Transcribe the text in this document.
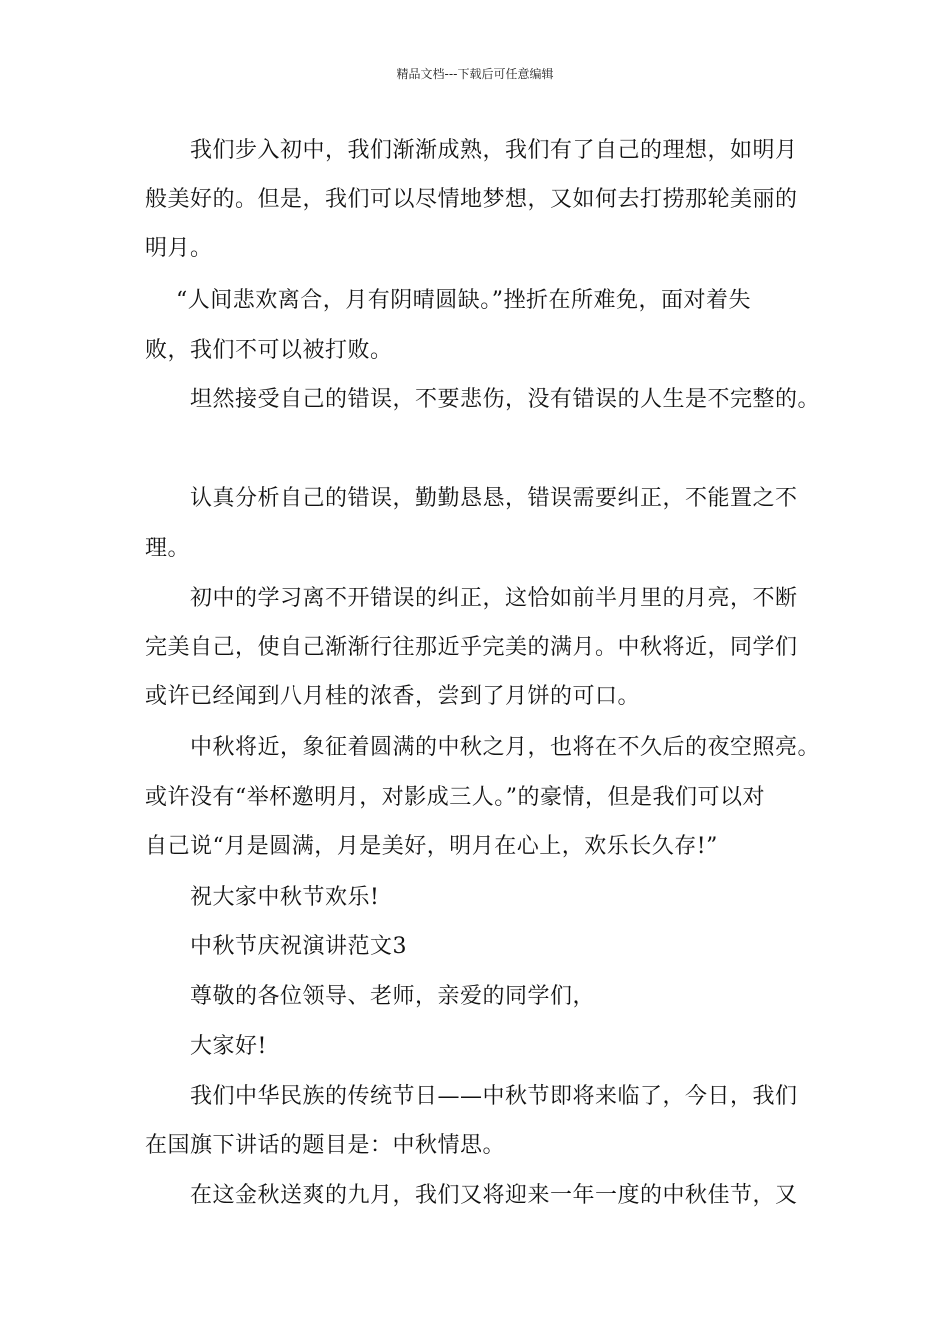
精品文档---下载后可任意编辑
我们步入初中，我们渐渐成熟，我们有了自己的理想，如明月
般美好的。但是，我们可以尽情地梦想，又如何去打捞那轮美丽的
明月。
“人间悲欢离合，月有阴晴圆缺。”挫折在所难免，面对着失
败，我们不可以被打败。
坦然接受自己的错误，不要悲伤，没有错误的人生是不完整的。
认真分析自己的错误，勤勤恳恳，错误需要纠正，不能置之不
理。
初中的学习离不开错误的纠正，这恰如前半月里的月亮，不断
完美自己，使自己渐渐行往那近乎完美的满月。中秋将近，同学们
或许已经闻到八月桂的浓香，尝到了月饼的可口。
中秋将近，象征着圆满的中秋之月，也将在不久后的夜空照亮。
或许没有“举杯邀明月，对影成三人。”的豪情，但是我们可以对
自己说“月是圆满，月是美好，明月在心上，欢乐长久存!”
祝大家中秋节欢乐!
中秋节庆祝演讲范文3
尊敬的各位领导、老师，亲爱的同学们，
大家好!
我们中华民族的传统节日——中秋节即将来临了，今日，我们
在国旗下讲话的题目是：中秋情思。
在这金秋送爽的九月，我们又将迎来一年一度的中秋佳节，又
